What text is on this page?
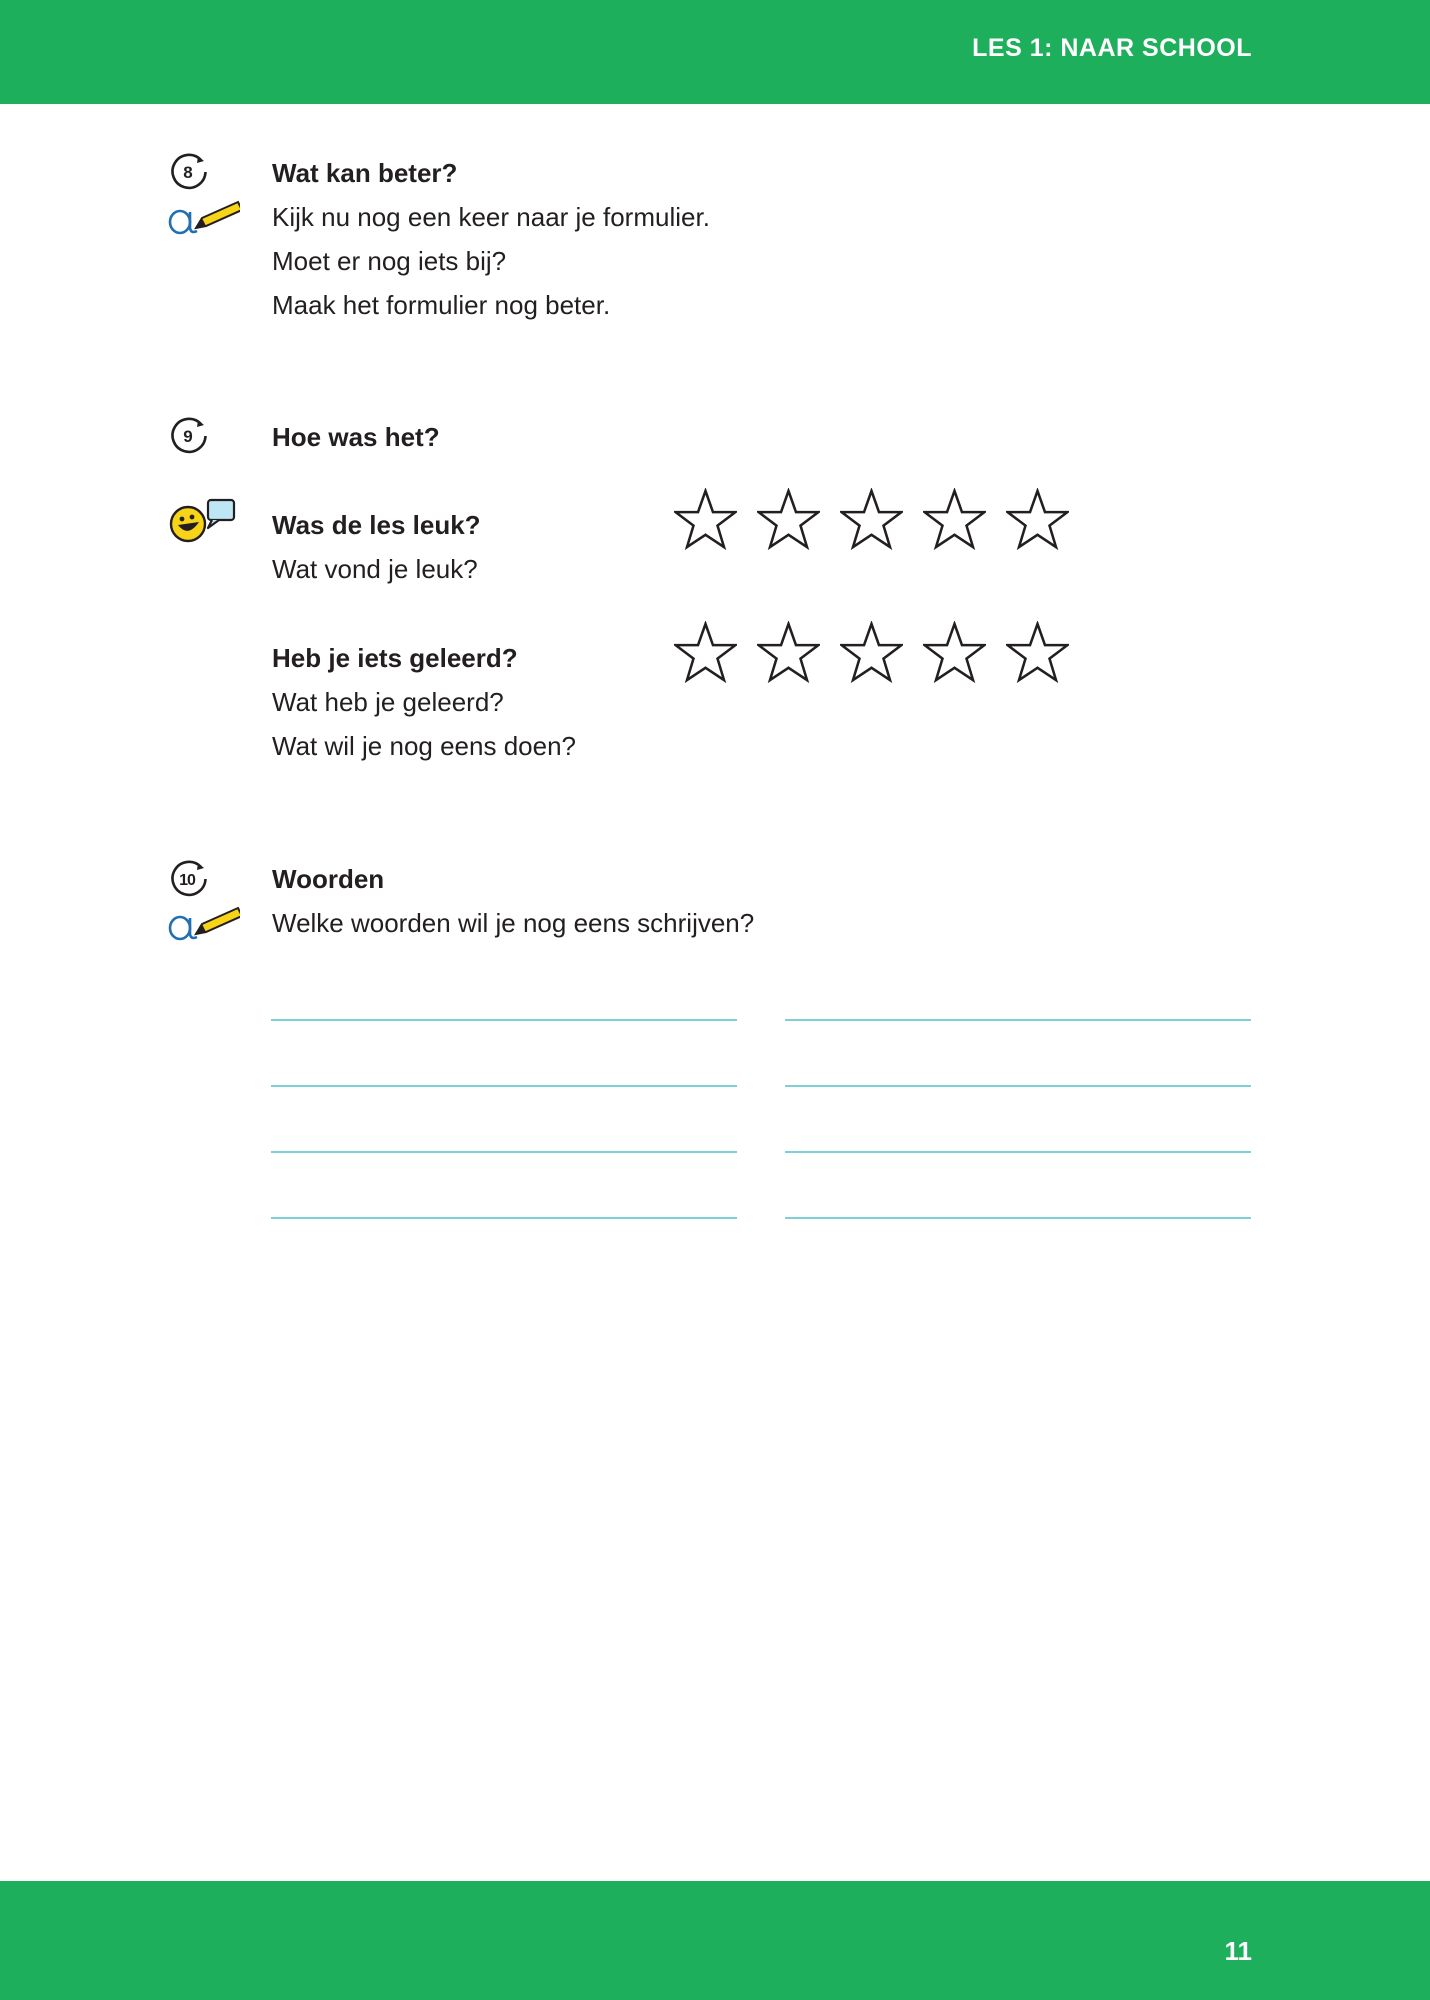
LES 1: NAAR SCHOOL
8	Wat kan beter?
Kijk nu nog een keer naar je formulier.
Moet er nog iets bij?
Maak het formulier nog beter.
9	Hoe was het?
Was de les leuk?
Wat vond je leuk?
Heb je iets geleerd?
Wat heb je geleerd?
Wat wil je nog eens doen?
10	Woorden
Welke woorden wil je nog eens schrijven?
11
